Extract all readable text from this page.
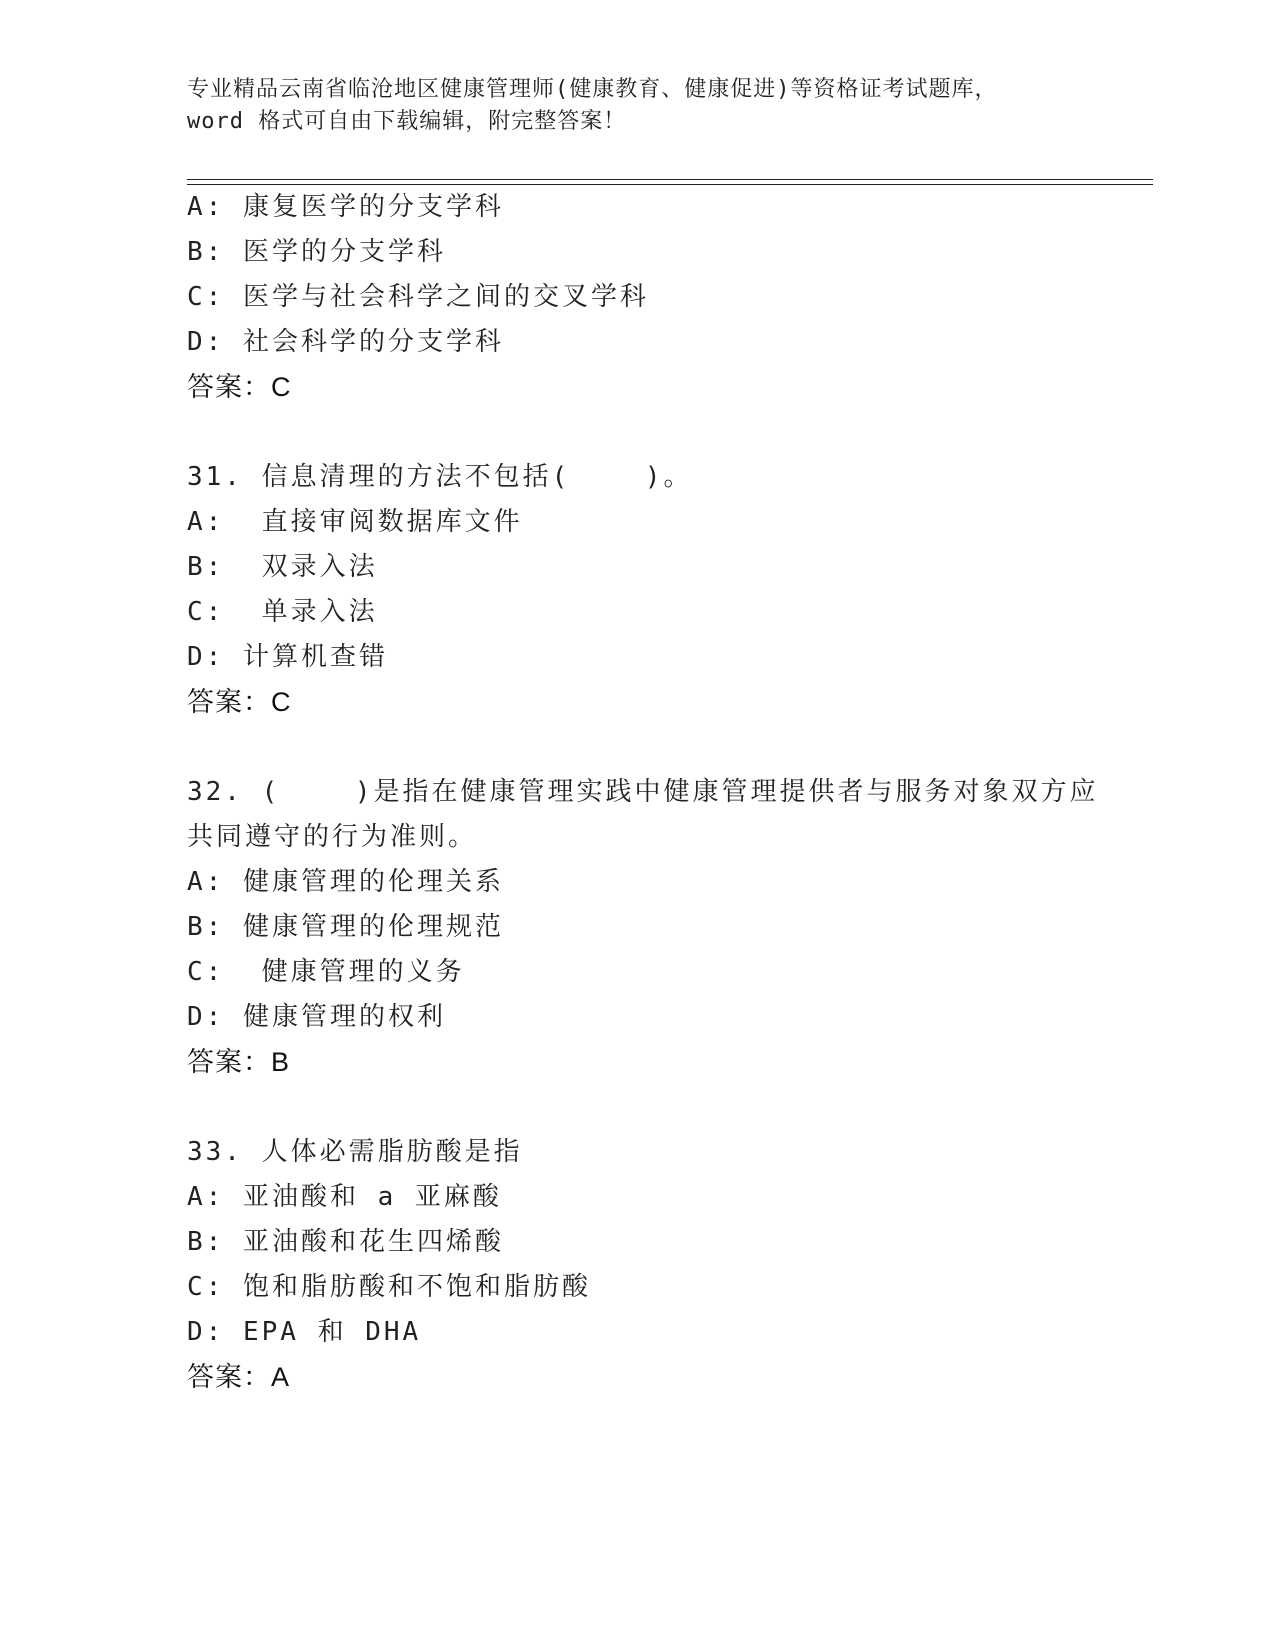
专业精品云南省临沧地区健康管理师(健康教育、健康促进)等资格证考试题库，
word 格式可自由下载编辑，附完整答案！
A: 康复医学的分支学科
B: 医学的分支学科
C: 医学与社会科学之间的交叉学科
D: 社会科学的分支学科
答案：C
31. 信息清理的方法不包括(    )。
A:  直接审阅数据库文件
B:  双录入法
C:  单录入法
D: 计算机查错
答案：C
32. (    )是指在健康管理实践中健康管理提供者与服务对象双方应
共同遵守的行为准则。
A: 健康管理的伦理关系
B: 健康管理的伦理规范
C:  健康管理的义务
D: 健康管理的权利
答案：B
33. 人体必需脂肪酸是指
A: 亚油酸和 a 亚麻酸
B: 亚油酸和花生四烯酸
C: 饱和脂肪酸和不饱和脂肪酸
D: EPA 和 DHA
答案：A
